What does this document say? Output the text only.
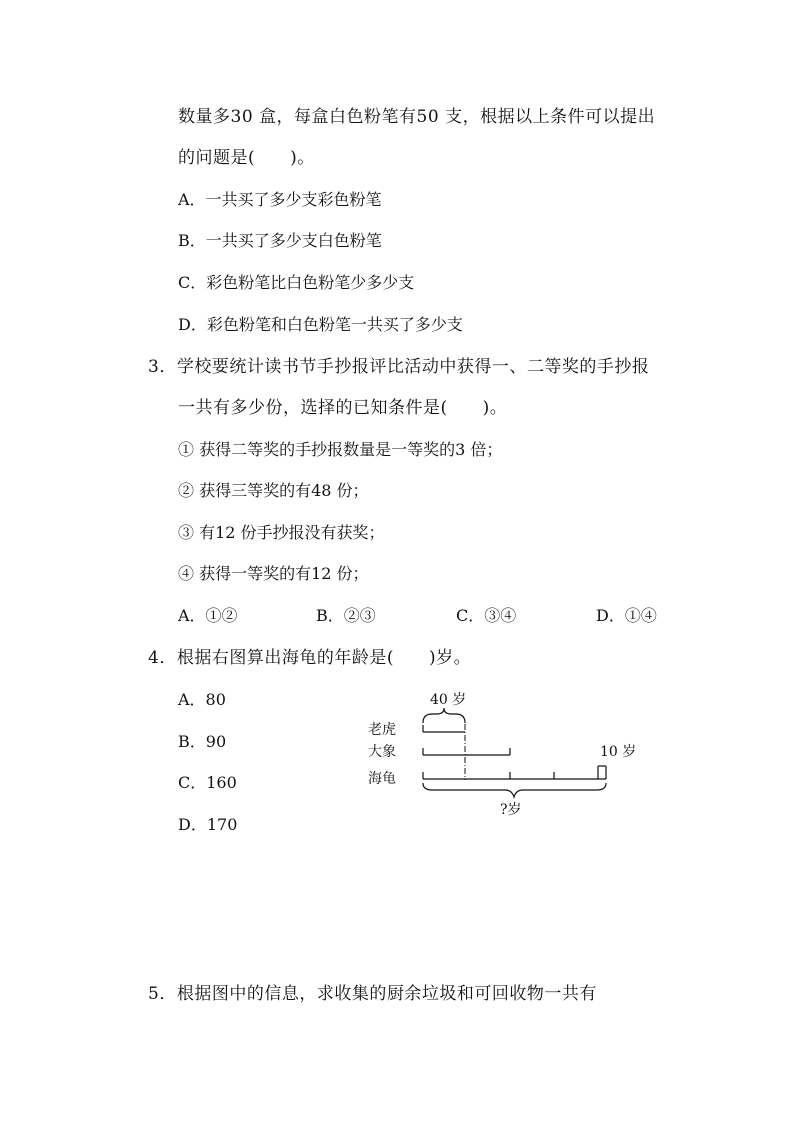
数量多30 盒，每盒白色粉笔有50 支，根据以上条件可以提出
的问题是(　　)。
A．一共买了多少支彩色粉笔
B．一共买了多少支白色粉笔
C．彩色粉笔比白色粉笔少多少支
D．彩色粉笔和白色粉笔一共买了多少支
3．学校要统计读书节手抄报评比活动中获得一、二等奖的手抄报
一共有多少份，选择的已知条件是(　　)。
① 获得二等奖的手抄报数量是一等奖的3 倍；
② 获得三等奖的有48 份；
③ 有12 份手抄报没有获奖；
④ 获得一等奖的有12 份；
A．①②	B．②③	C．③④	D．①④
4．根据右图算出海龟的年龄是(　　)岁。
A．80
B．90
C．160
D．170
老虎
大象
海龟
40 岁
10 岁
?岁
5．根据图中的信息，求收集的厨余垃圾和可回收物一共有
